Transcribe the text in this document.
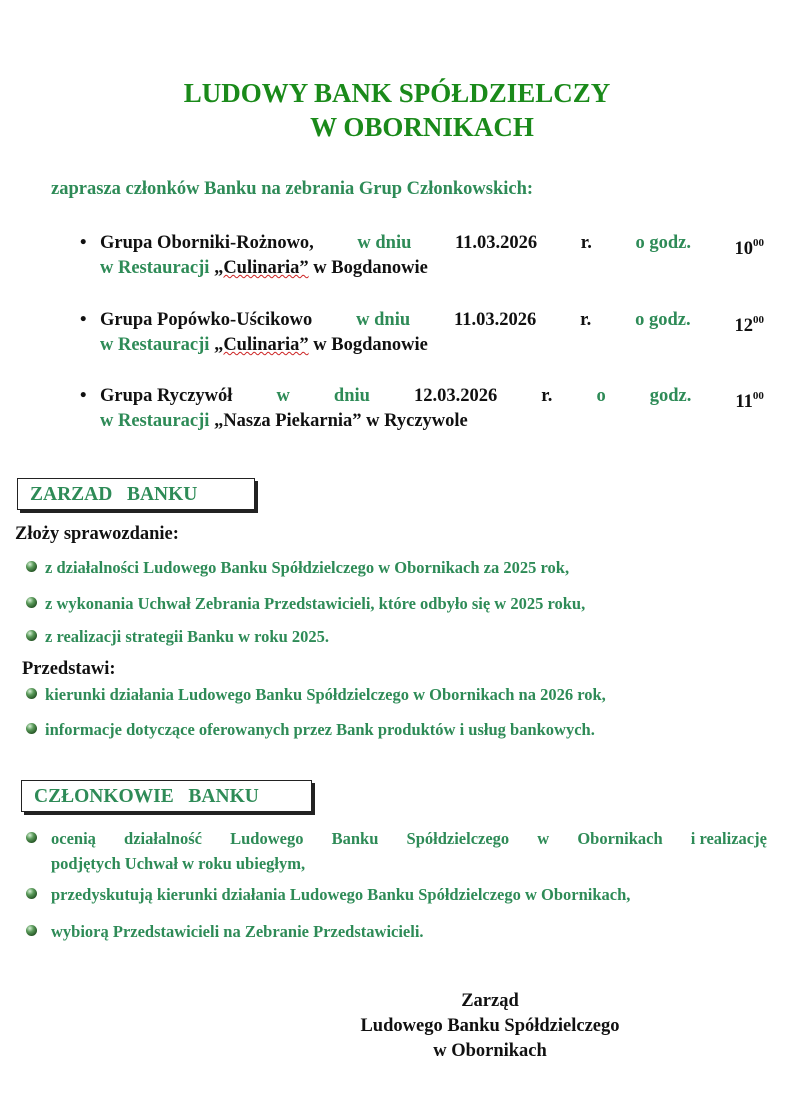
LUDOWY BANK SPÓŁDZIELCZY
W OBORNIKACH
zaprasza członków Banku na zebrania Grup Członkowskich:
• Grupa Oborniki-Rożnowo, w dniu 11.03.2026 r. o godz. $10^{00}$
w Restauracji „Culinaria” w Bogdanowie
• Grupa Popówko-Uścikowo w dniu 11.03.2026 r. o godz. $12^{00}$
w Restauracji „Culinaria” w Bogdanowie
• Grupa Ryczywół w dniu 12.03.2026 r. o godz. $11^{00}$
w Restauracji „Nasza Piekarnia” w Ryczywole
ZARZAD   BANKU
Złoży sprawozdanie:
z działalności Ludowego Banku Spółdzielczego w Obornikach za 2025 rok,
z wykonania Uchwał Zebrania Przedstawicieli, które odbyło się w 2025 roku,
z realizacji strategii Banku w roku 2025.
Przedstawi:
kierunki działania Ludowego Banku Spółdzielczego w Obornikach na 2026 rok,
informacje dotyczące oferowanych przez Bank produktów i usług bankowych.
CZŁONKOWIE   BANKU
ocenią działalność Ludowego Banku Spółdzielczego w Obornikach i realizację
podjętych Uchwał w roku ubiegłym,
przedyskutują kierunki działania Ludowego Banku Spółdzielczego w Obornikach,
wybiorą Przedstawicieli na Zebranie Przedstawicieli.
Zarząd
Ludowego Banku Spółdzielczego
w Obornikach
